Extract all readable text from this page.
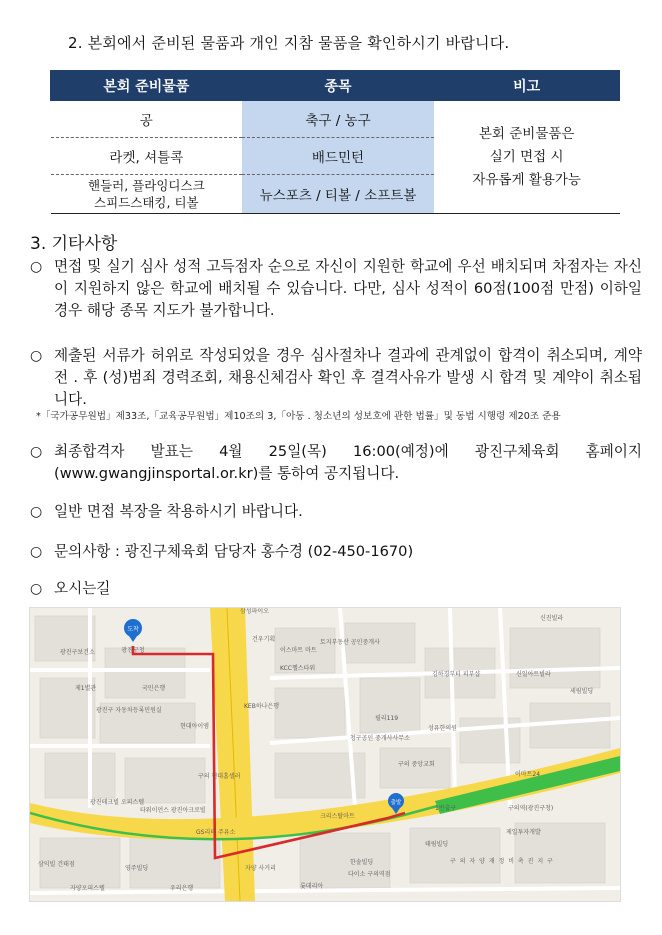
2. 본회에서 준비된 물품과 개인 지참 물품을 확인하시기 바랍니다.
본회 준비물품	종목	비고
공	축구 / 농구	본회 준비물품은
실기 면접 시
자유롭게 활용가능

라켓, 셔틀콕	배드민턴	

핸들러, 플라잉디스크
스피드스태킹, 티볼	뉴스포츠 / 티볼 / 소프트볼	
3. 기타사항
○ 면접 및 실기 심사 성적 고득점자 순으로 자신이 지원한 학교에 우선 배치되며 차점자는 자신이 지원하지 않은 학교에 배치될 수 있습니다. 다만, 심사 성적이 60점(100점 만점) 이하일 경우 해당 종목 지도가 불가합니다.
○ 제출된 서류가 허위로 작성되었을 경우 심사절차나 결과에 관계없이 합격이 취소되며, 계약 전 . 후 (성)범죄 경력조회, 채용신체검사 확인 후 결격사유가 발생 시 합격 및 계약이 취소됩니다.
*「국가공무원법」제33조,「교육공무원법」제10조의 3,「아동 . 청소년의 성보호에 관한 법률」및 동법 시행령 제20조 준용
○ 최종합격자 발표는 4월 25일(목) 16:00(예정)에 광진구체육회 홈페이지 (www.gwangjinsportal.or.kr)를 통하여 공지됩니다.
○ 일반 면접 복장을 착용하시기 바랍니다.
○ 문의사항 : 광진구체육회 담당자 홍수경 (02-450-1670)
○ 오시는길
도착
출발
광진구청
광진구보건소
삼성파이오
신진빌라
건우기획	토지부동산 공인중개사
이스마트 마트
KCC헬스타워
국민은행
제1별관
광진구 자동차등록민원실
현대아이엠
KEB하나은행
구의 현대홈셀러
필리119
성유한의원
청구공인 중개사사무소
구의 중앙교회
김하경부티 피부샵	신일아트빌라
세림빌딩
크리스탈마트
광진테크빌 오피스텔
타워이언스 광진아크로빌
GS리터 주유소
자양 사거리
한솔빌딩
다이소 구의역점
롯데리아
제일투자개발
자양오피스텔	우리은행
영주빌딩
삼익빌 건태점
태림빌딩
이마트24
구의역(광진구청)
1번출구
구 의 자 양 재 정 비 촉 진 지 구
